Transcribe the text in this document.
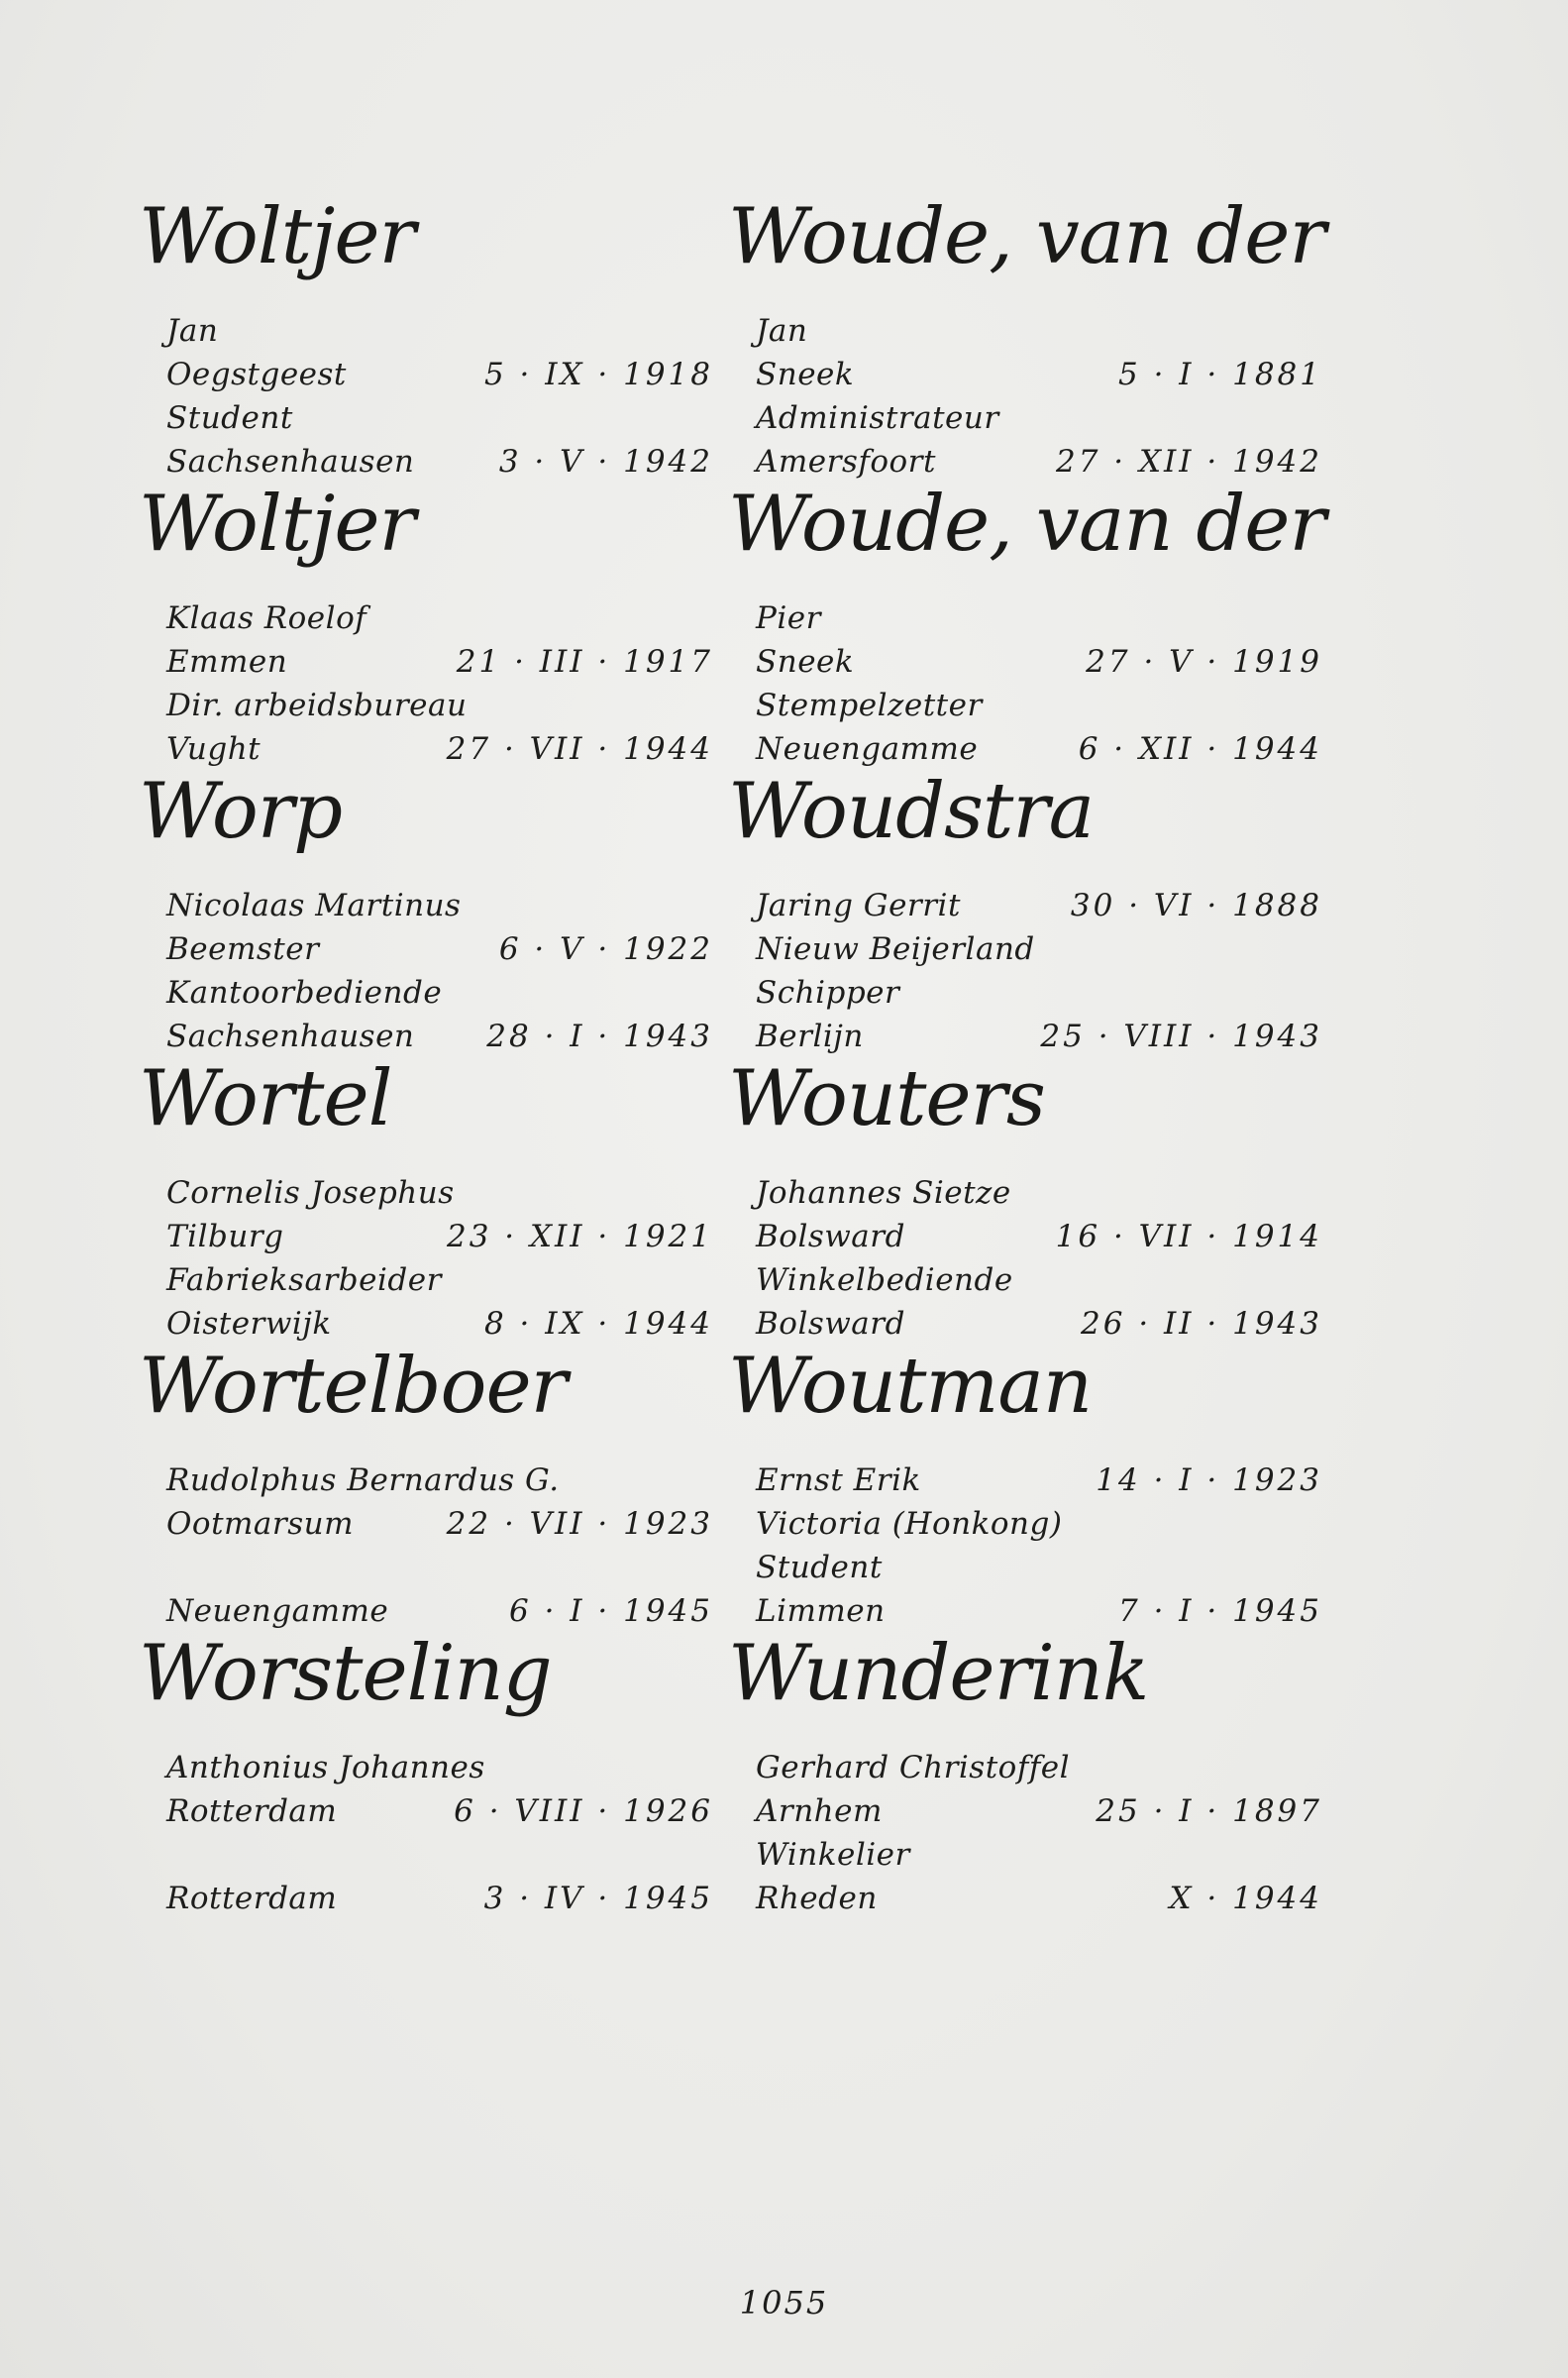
Woltjer
Jan
Oegstgeest	5 · IX · 1918
Student
Sachsenhausen	3 · V · 1942
Woltjer
Klaas Roelof
Emmen	21 · III · 1917
Dir. arbeidsbureau
Vught	27 · VII · 1944
Worp
Nicolaas Martinus
Beemster	6 · V · 1922
Kantoorbediende
Sachsenhausen 28 · I · 1943
Wortel
Cornelis Josephus
Tilburg	23 · XII · 1921
Fabrieksarbeider
Oisterwijk	8 · IX · 1944
Wortelboer
Rudolphus Bernardus G.
Ootmarsum	22 · VII · 1923
Neuengamme	6 · I · 1945
Worsteling
Anthonius Johannes
Rotterdam	6 · VIII · 1926
Rotterdam	3 · IV · 1945
Woude, van der
Jan
Sneek	5 · I · 1881
Administrateur
Amersfoort	27 · XII · 1942
Woude, van der
Pier
Sneek	27 · V · 1919
Stempelzetter
Neuengamme	6 · XII · 1944
Woudstra
Jaring Gerrit	30 · VI · 1888
Nieuw Beijerland
Schipper
Berlijn	25 · VIII · 1943
Wouters
Johannes Sietze
Bolsward	16 · VII · 1914
Winkelbediende
Bolsward	26 · II · 1943
Woutman
Ernst Erik	14 · I · 1923
Victoria (Honkong)
Student
Limmen	7 · I · 1945
Wunderink
Gerhard Christoffel
Arnhem	25 · I · 1897
Winkelier
Rheden	X · 1944
1055
